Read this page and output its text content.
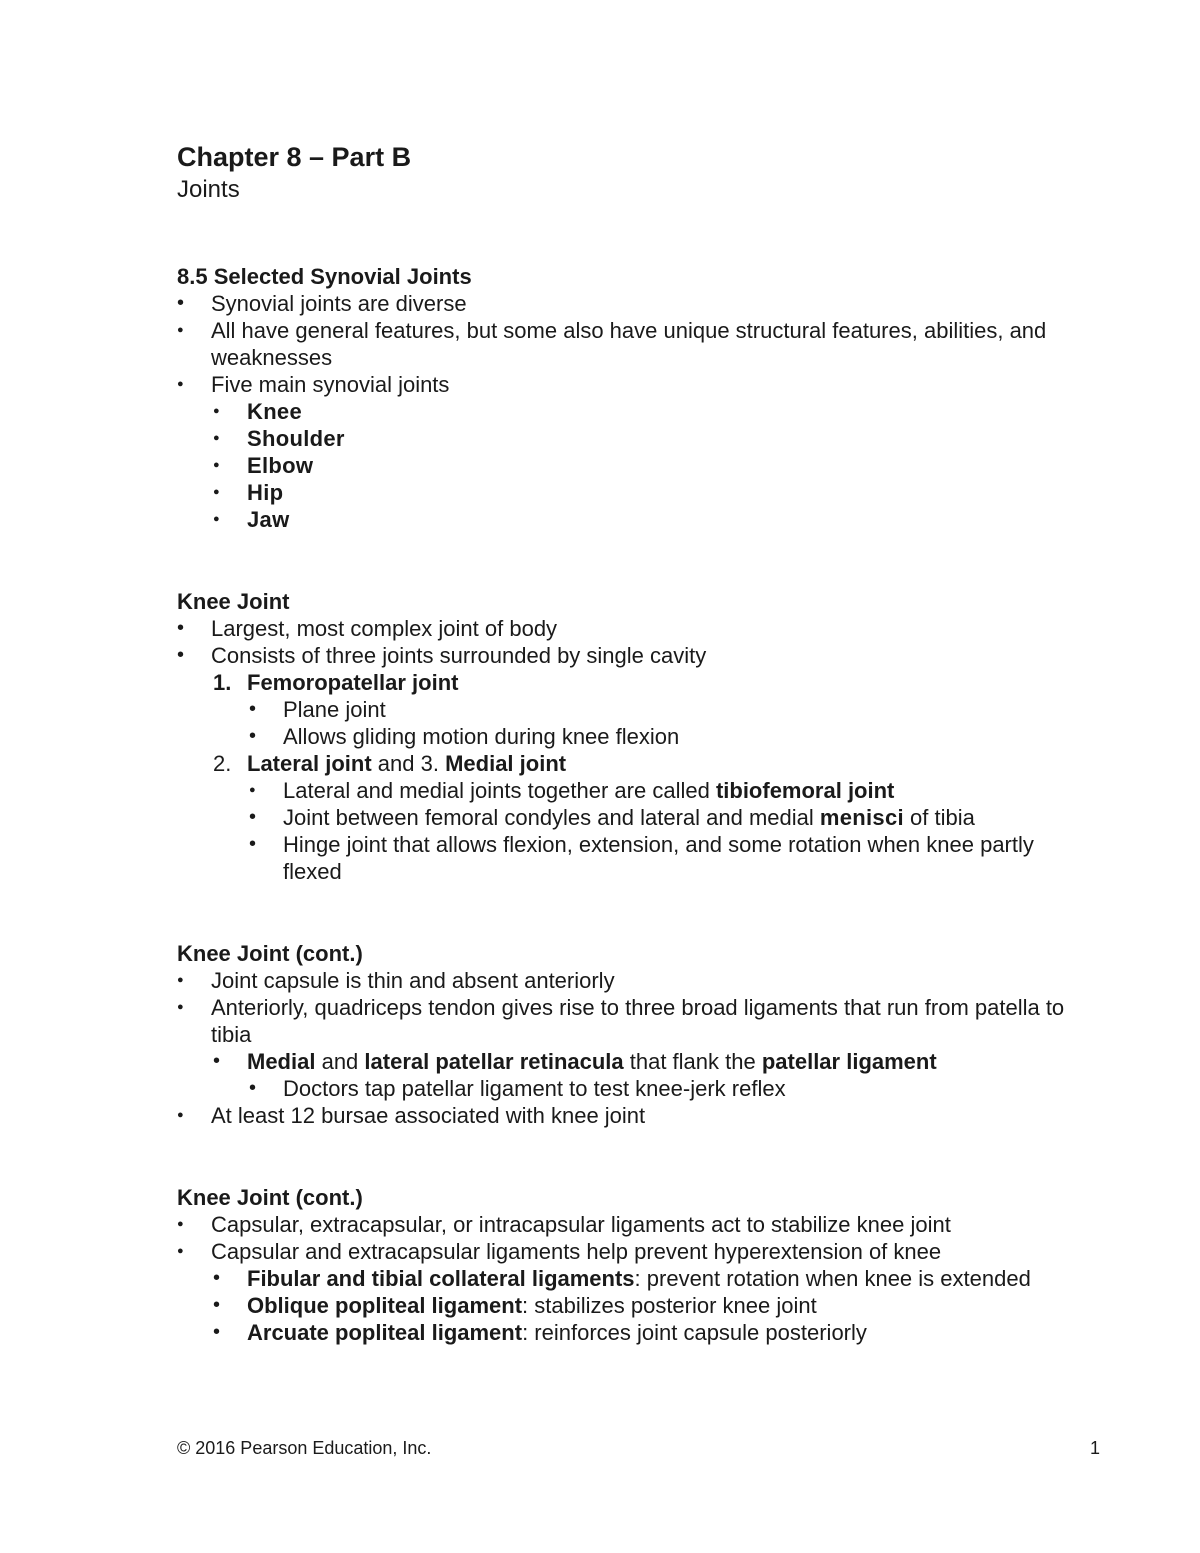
Chapter 8 – Part B
Joints
8.5 Selected Synovial Joints
•
Synovial joints are diverse
●
All have general features, but some also have unique structural features, abilities, and weaknesses
●
Five main synovial joints
●
Knee
●
Shoulder
●
Elbow
●
Hip
●
Jaw
Knee Joint
•
Largest, most complex joint of body
•
Consists of three joints surrounded by single cavity
1. Femoropatellar joint
•
Plane joint
•
Allows gliding motion during knee flexion
2. Lateral joint and 3. Medial joint
●
Lateral and medial joints together are called tibiofemoral joint
•
Joint between femoral condyles and lateral and medial menisci of tibia
•
Hinge joint that allows flexion, extension, and some rotation when knee partly flexed
Knee Joint (cont.)
●
Joint capsule is thin and absent anteriorly
●
Anteriorly, quadriceps tendon gives rise to three broad ligaments that run from patella to tibia
•
Medial and lateral patellar retinacula that flank the patellar ligament
•
Doctors tap patellar ligament to test knee-jerk reflex
●
At least 12 bursae associated with knee joint
Knee Joint (cont.)
●
Capsular, extracapsular, or intracapsular ligaments act to stabilize knee joint
●
Capsular and extracapsular ligaments help prevent hyperextension of knee
•
Fibular and tibial collateral ligaments: prevent rotation when knee is extended
•
Oblique popliteal ligament: stabilizes posterior knee joint
•
Arcuate popliteal ligament: reinforces joint capsule posteriorly
© 2016 Pearson Education, Inc.	1
